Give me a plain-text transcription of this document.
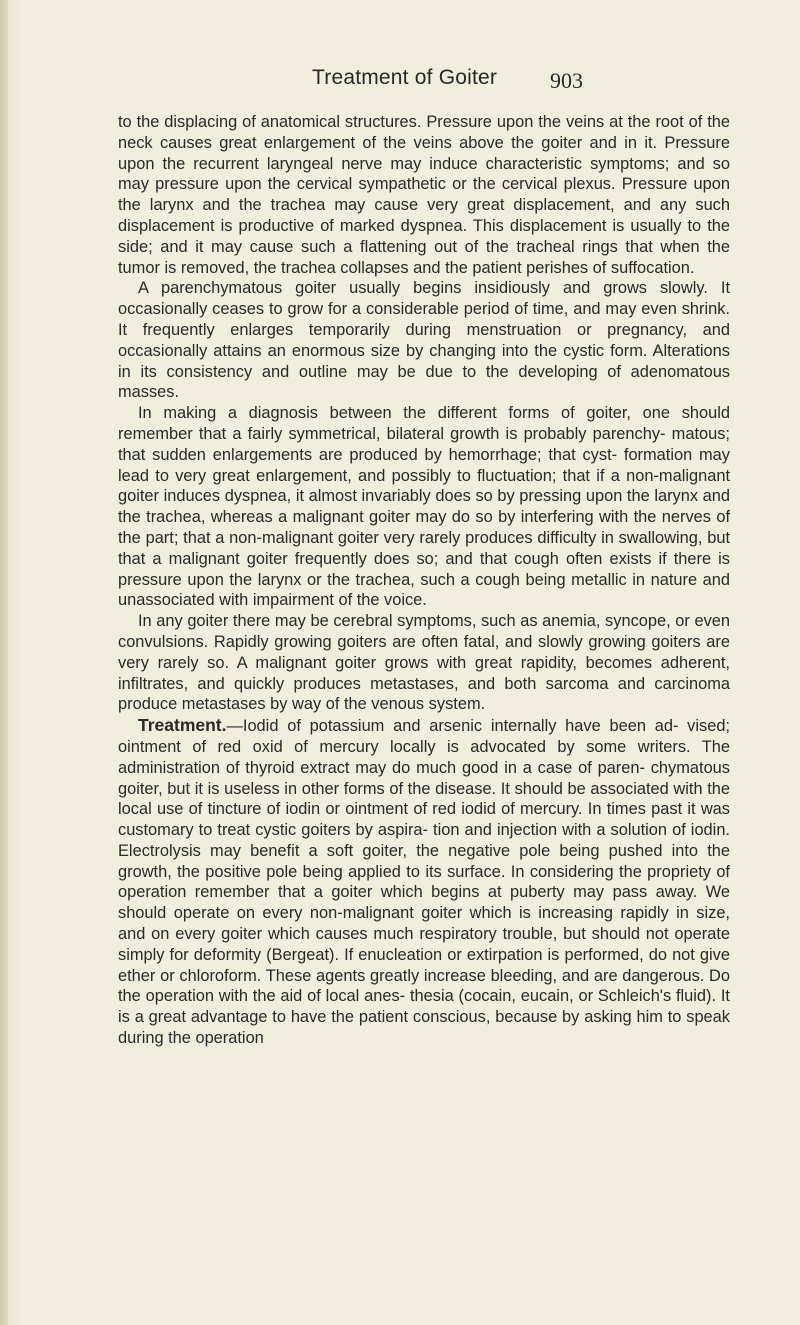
Treatment of Goiter 903

to the displacing of anatomical structures. Pressure upon the veins at the root of the neck causes great enlargement of the veins above the goiter and in it. Pressure upon the recurrent laryngeal nerve may induce characteristic symptoms; and so may pressure upon the cervical sympathetic or the cervical plexus. Pressure upon the larynx and the trachea may cause very great displacement, and any such displacement is productive of marked dyspnea. This displacement is usually to the side; and it may cause such a flattening out of the tracheal rings that when the tumor is removed, the trachea collapses and the patient perishes of suffocation.

A parenchymatous goiter usually begins insidiously and grows slowly. It occasionally ceases to grow for a considerable period of time, and may even shrink. It frequently enlarges temporarily during menstruation or pregnancy, and occasionally attains an enormous size by changing into the cystic form. Alterations in its consistency and outline may be due to the developing of adenomatous masses.

In making a diagnosis between the different forms of goiter, one should remember that a fairly symmetrical, bilateral growth is probably parenchy- matous; that sudden enlargements are produced by hemorrhage; that cyst- formation may lead to very great enlargement, and possibly to fluctuation; that if a non-malignant goiter induces dyspnea, it almost invariably does so by pressing upon the larynx and the trachea, whereas a malignant goiter may do so by interfering with the nerves of the part; that a non-malignant goiter very rarely produces difficulty in swallowing, but that a malignant goiter frequently does so; and that cough often exists if there is pressure upon the larynx or the trachea, such a cough being metallic in nature and unassociated with impairment of the voice.

In any goiter there may be cerebral symptoms, such as anemia, syncope, or even convulsions. Rapidly growing goiters are often fatal, and slowly growing goiters are very rarely so. A malignant goiter grows with great rapidity, becomes adherent, infiltrates, and quickly produces metastases, and both sarcoma and carcinoma produce metastases by way of the venous system.

Treatment.—Iodid of potassium and arsenic internally have been ad- vised; ointment of red oxid of mercury locally is advocated by some writers. The administration of thyroid extract may do much good in a case of paren- chymatous goiter, but it is useless in other forms of the disease. It should be associated with the local use of tincture of iodin or ointment of red iodid of mercury. In times past it was customary to treat cystic goiters by aspira- tion and injection with a solution of iodin. Electrolysis may benefit a soft goiter, the negative pole being pushed into the growth, the positive pole being applied to its surface. In considering the propriety of operation remember that a goiter which begins at puberty may pass away. We should operate on every non-malignant goiter which is increasing rapidly in size, and on every goiter which causes much respiratory trouble, but should not operate simply for deformity (Bergeat). If enucleation or extirpation is performed, do not give ether or chloroform. These agents greatly increase bleeding, and are dangerous. Do the operation with the aid of local anes- thesia (cocain, eucain, or Schleich's fluid). It is a great advantage to have the patient conscious, because by asking him to speak during the operation
